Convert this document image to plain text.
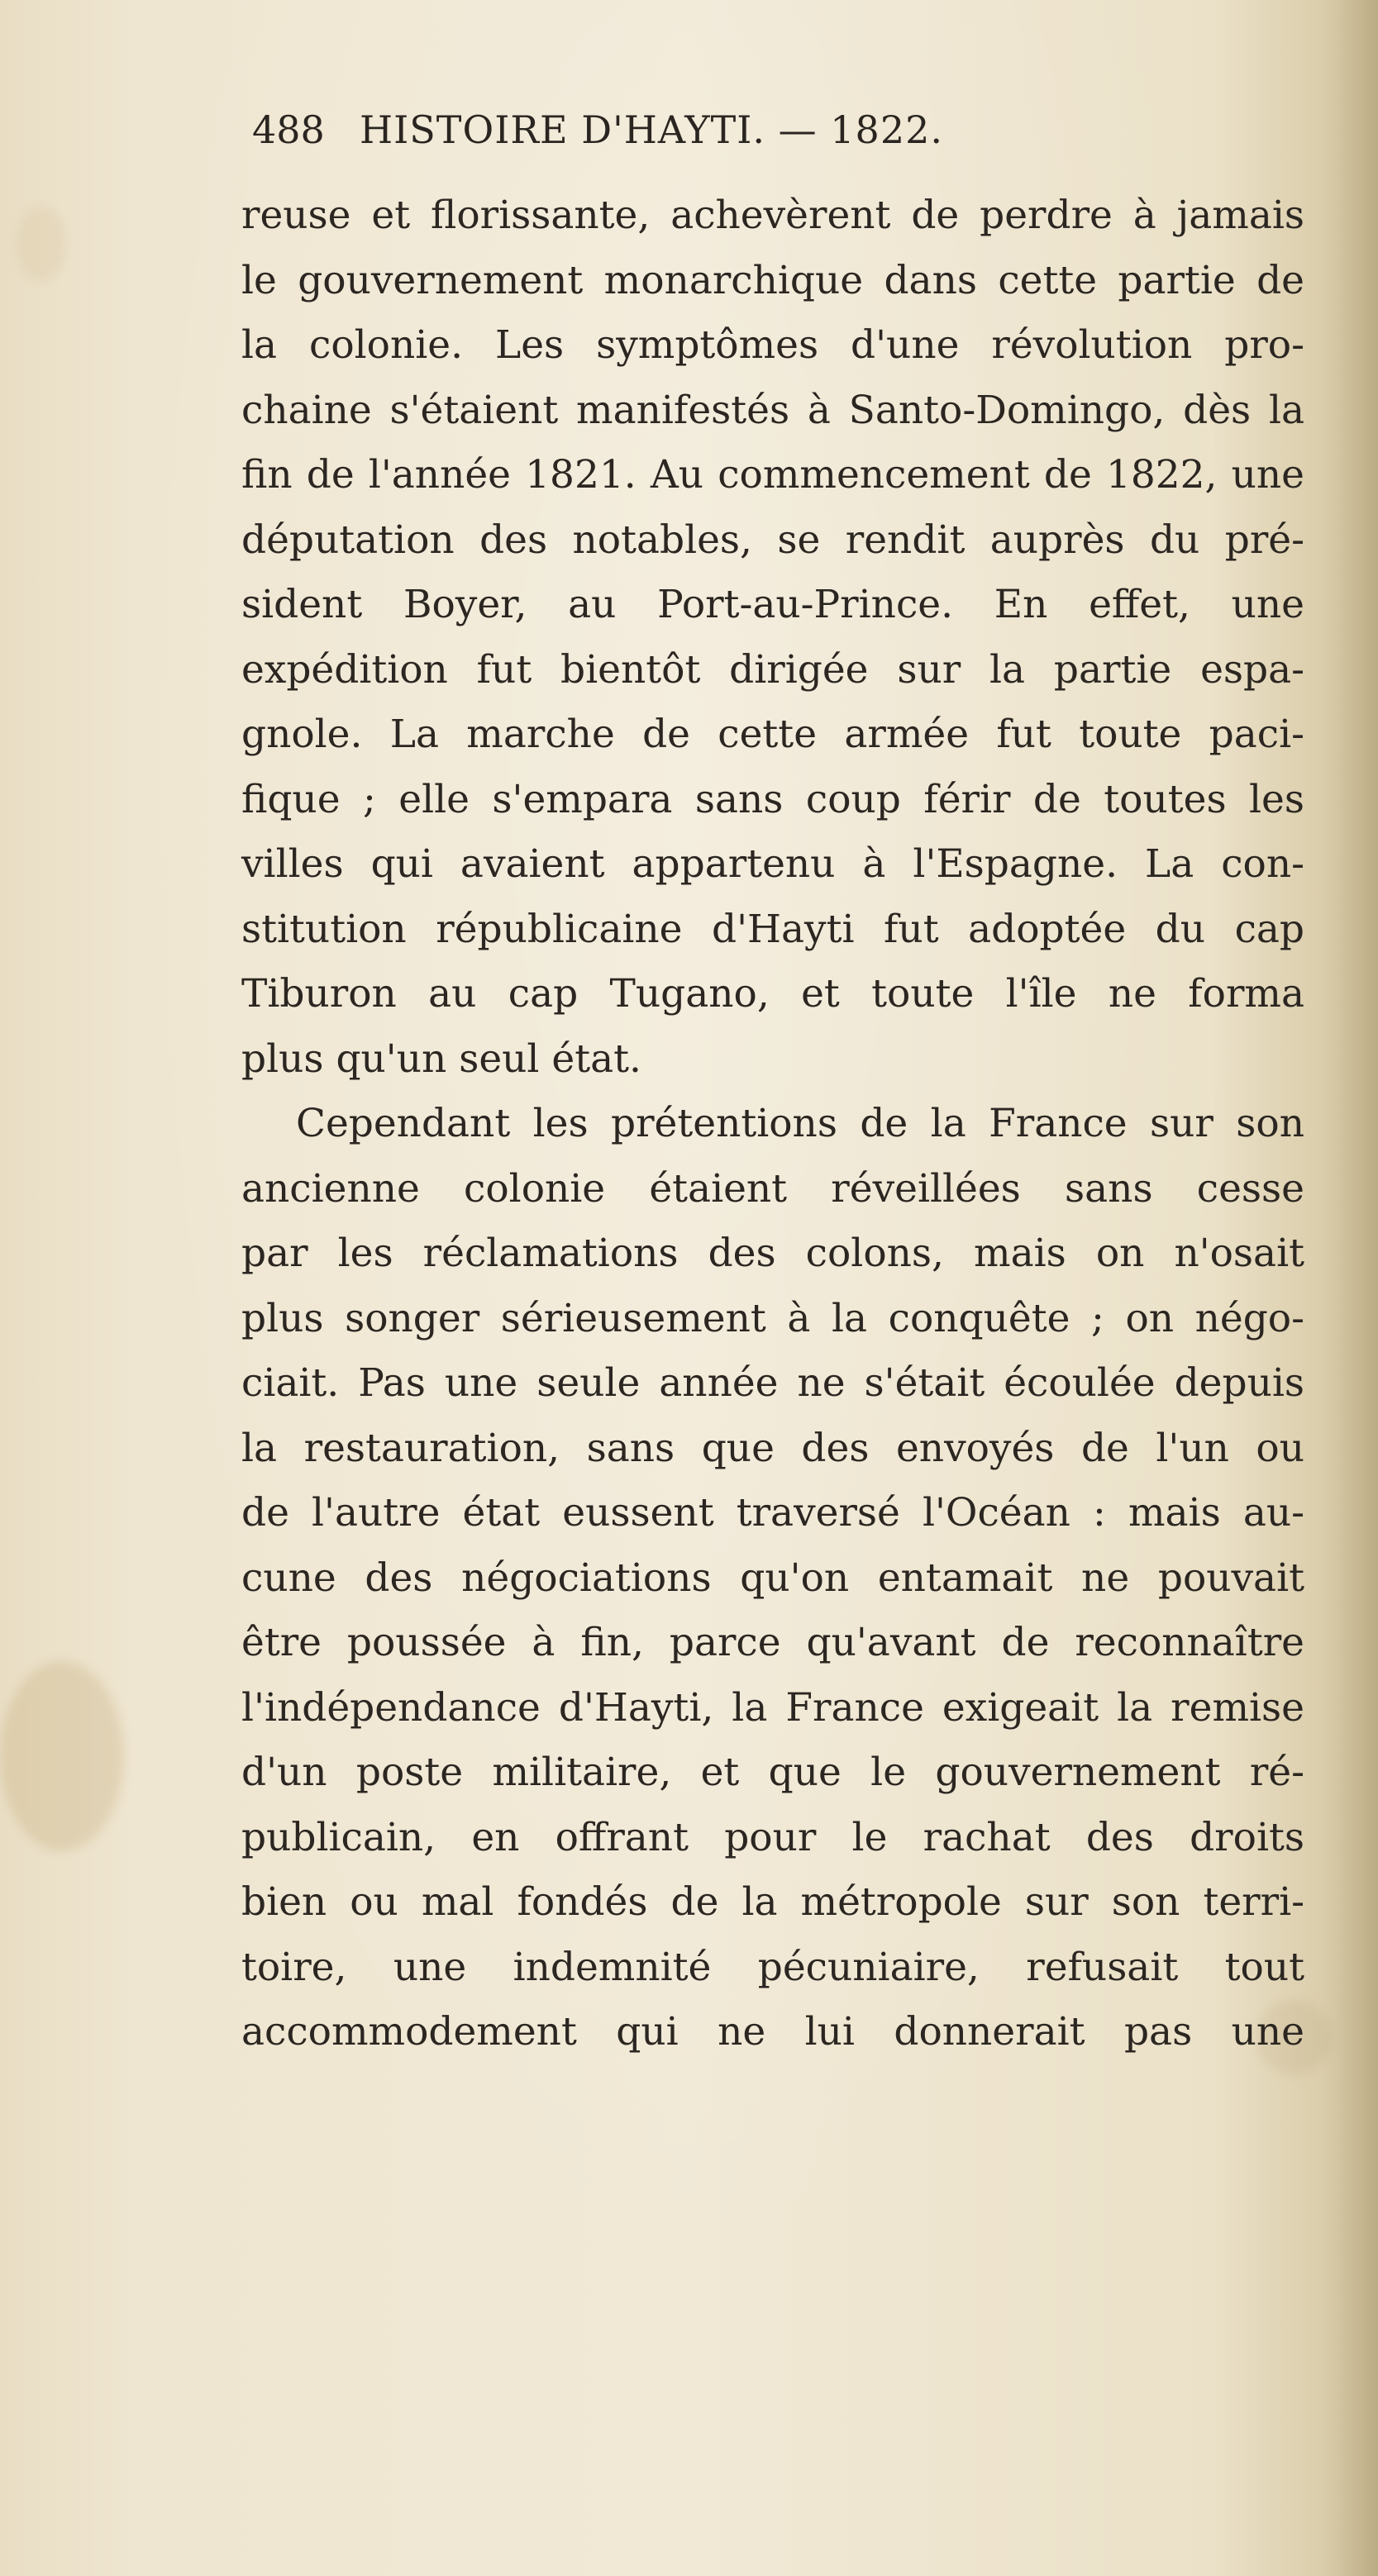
488 HISTOIRE D'HAYTI. — 1822.
reuse et florissante, achevèrent de perdre à jamais
le gouvernement monarchique dans cette partie de
la colonie. Les symptômes d'une révolution pro-
chaine s'étaient manifestés à Santo-Domingo, dès la
fin de l'année 1821. Au commencement de 1822, une
députation des notables, se rendit auprès du pré-
sident Boyer, au Port-au-Prince. En effet, une
expédition fut bientôt dirigée sur la partie espa-
gnole. La marche de cette armée fut toute paci-
fique ; elle s'empara sans coup férir de toutes les
villes qui avaient appartenu à l'Espagne. La con-
stitution républicaine d'Hayti fut adoptée du cap
Tiburon au cap Tugano, et toute l'île ne forma
plus qu'un seul état.
Cependant les prétentions de la France sur son
ancienne colonie étaient réveillées sans cesse
par les réclamations des colons, mais on n'osait
plus songer sérieusement à la conquête ; on négo-
ciait. Pas une seule année ne s'était écoulée depuis
la restauration, sans que des envoyés de l'un ou
de l'autre état eussent traversé l'Océan : mais au-
cune des négociations qu'on entamait ne pouvait
être poussée à fin, parce qu'avant de reconnaître
l'indépendance d'Hayti, la France exigeait la remise
d'un poste militaire, et que le gouvernement ré-
publicain, en offrant pour le rachat des droits
bien ou mal fondés de la métropole sur son terri-
toire, une indemnité pécuniaire, refusait tout
accommodement qui ne lui donnerait pas une
